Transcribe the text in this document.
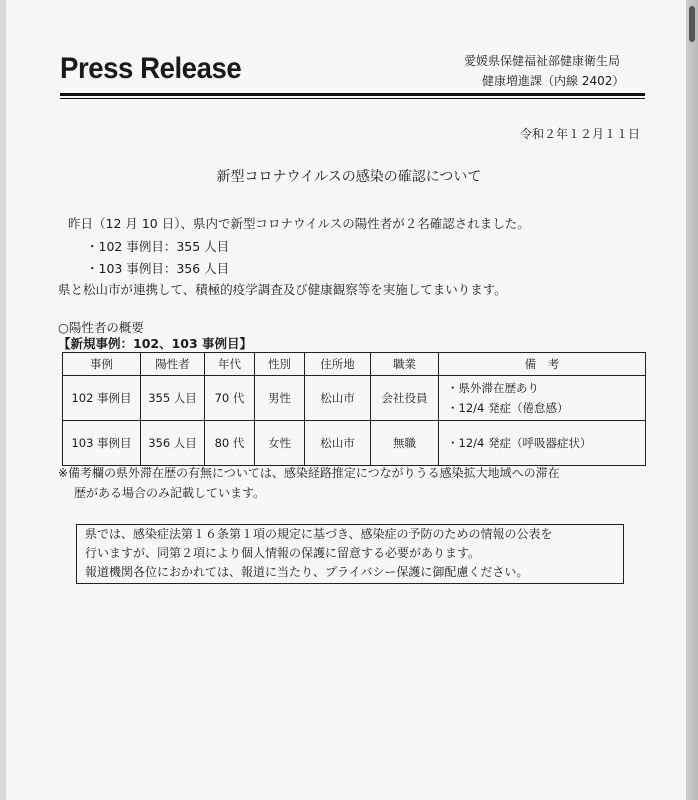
Press Release	愛媛県保健福祉部健康衛生局
健康増進課（内線 2402）
令和２年１２月１１日
新型コロナウイルスの感染の確認について
昨日（12 月 10 日）、県内で新型コロナウイルスの陽性者が２名確認されました。
・102 事例目：355 人目
・103 事例目：356 人目
県と松山市が連携して、積極的疫学調査及び健康観察等を実施してまいります。
○陽性者の概要
【新規事例：102、103 事例目】
事例	陽性者	年代	性別	住所地	職業	備　考
102 事例目	355 人目	70 代	男性	松山市	会社役員	・県外滞在歴あり
・12/4 発症（倦怠感）

103 事例目	356 人目	80 代	女性	松山市	無職	・12/4 発症（呼吸器症状）
※備考欄の県外滞在歴の有無については、感染経路推定につながりうる感染拡大地域への滞在
歴がある場合のみ記載しています。
県では、感染症法第１６条第１項の規定に基づき、感染症の予防のための情報の公表を
行いますが、同第２項により個人情報の保護に留意する必要があります。
報道機関各位におかれては、報道に当たり、プライバシー保護に御配慮ください。
